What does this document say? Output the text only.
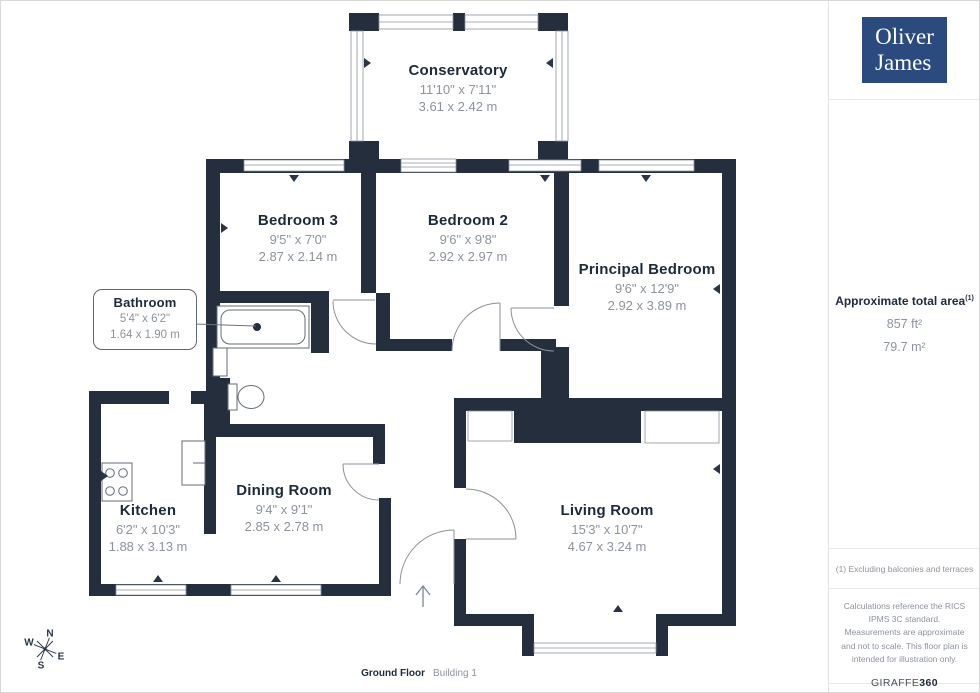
Conservatory
11'10" x 7'11"
3.61 x 2.42 m
Bedroom 3
9'5" x 7'0"
2.87 x 2.14 m
Bedroom 2
9'6" x 9'8"
2.92 x 2.97 m
Principal Bedroom
9'6" x 12'9"
2.92 x 3.89 m
Bathroom
5'4" x 6'2"
1.64 x 1.90 m
Kitchen
6'2" x 10'3"
1.88 x 3.13 m
Dining Room
9'4" x 9'1"
2.85 x 2.78 m
Living Room
15'3" x 10'7"
4.67 x 3.24 m
N
E
S
W
Ground Floor Building 1
Oliver
James
Approximate total area$^{(1)}$
857 ft²
79.7 m²
(1) Excluding balconies and terraces
Calculations reference the RICS IPMS 3C standard. Measurements are approximate and not to scale. This floor plan is intended for illustration only.
GIRAFFE360
